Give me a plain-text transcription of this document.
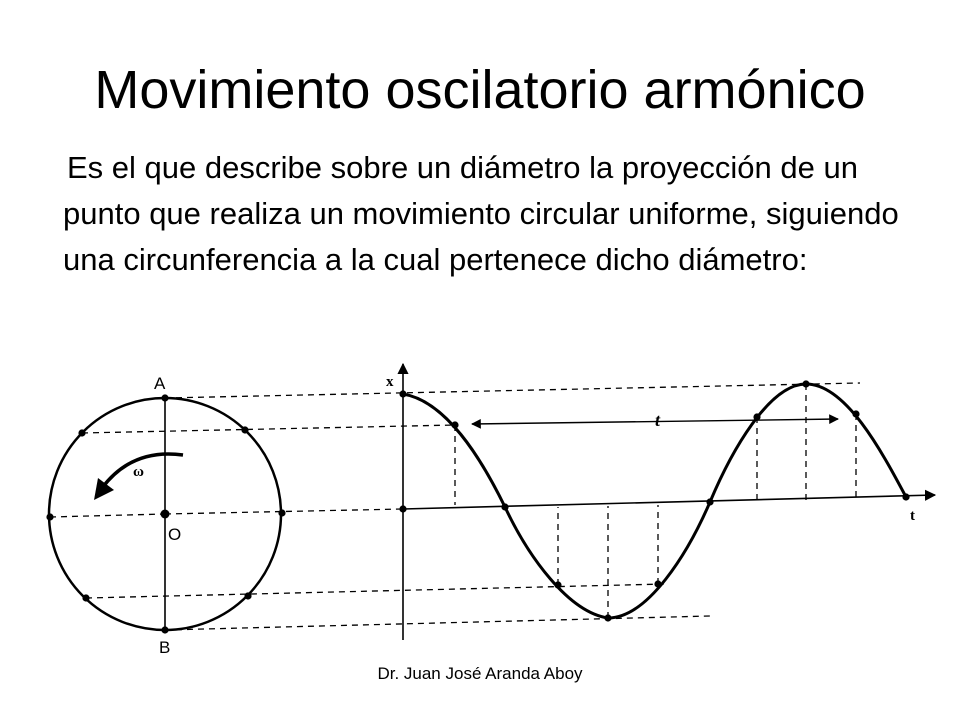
Movimiento oscilatorio armónico

Es el que describe sobre un diámetro la proyección de un punto que realiza un movimiento circular uniforme, siguiendo una circunferencia a la cual pertenece dicho diámetro:

ω
A
O
B
x
t
t
Dr. Juan José Aranda Aboy
